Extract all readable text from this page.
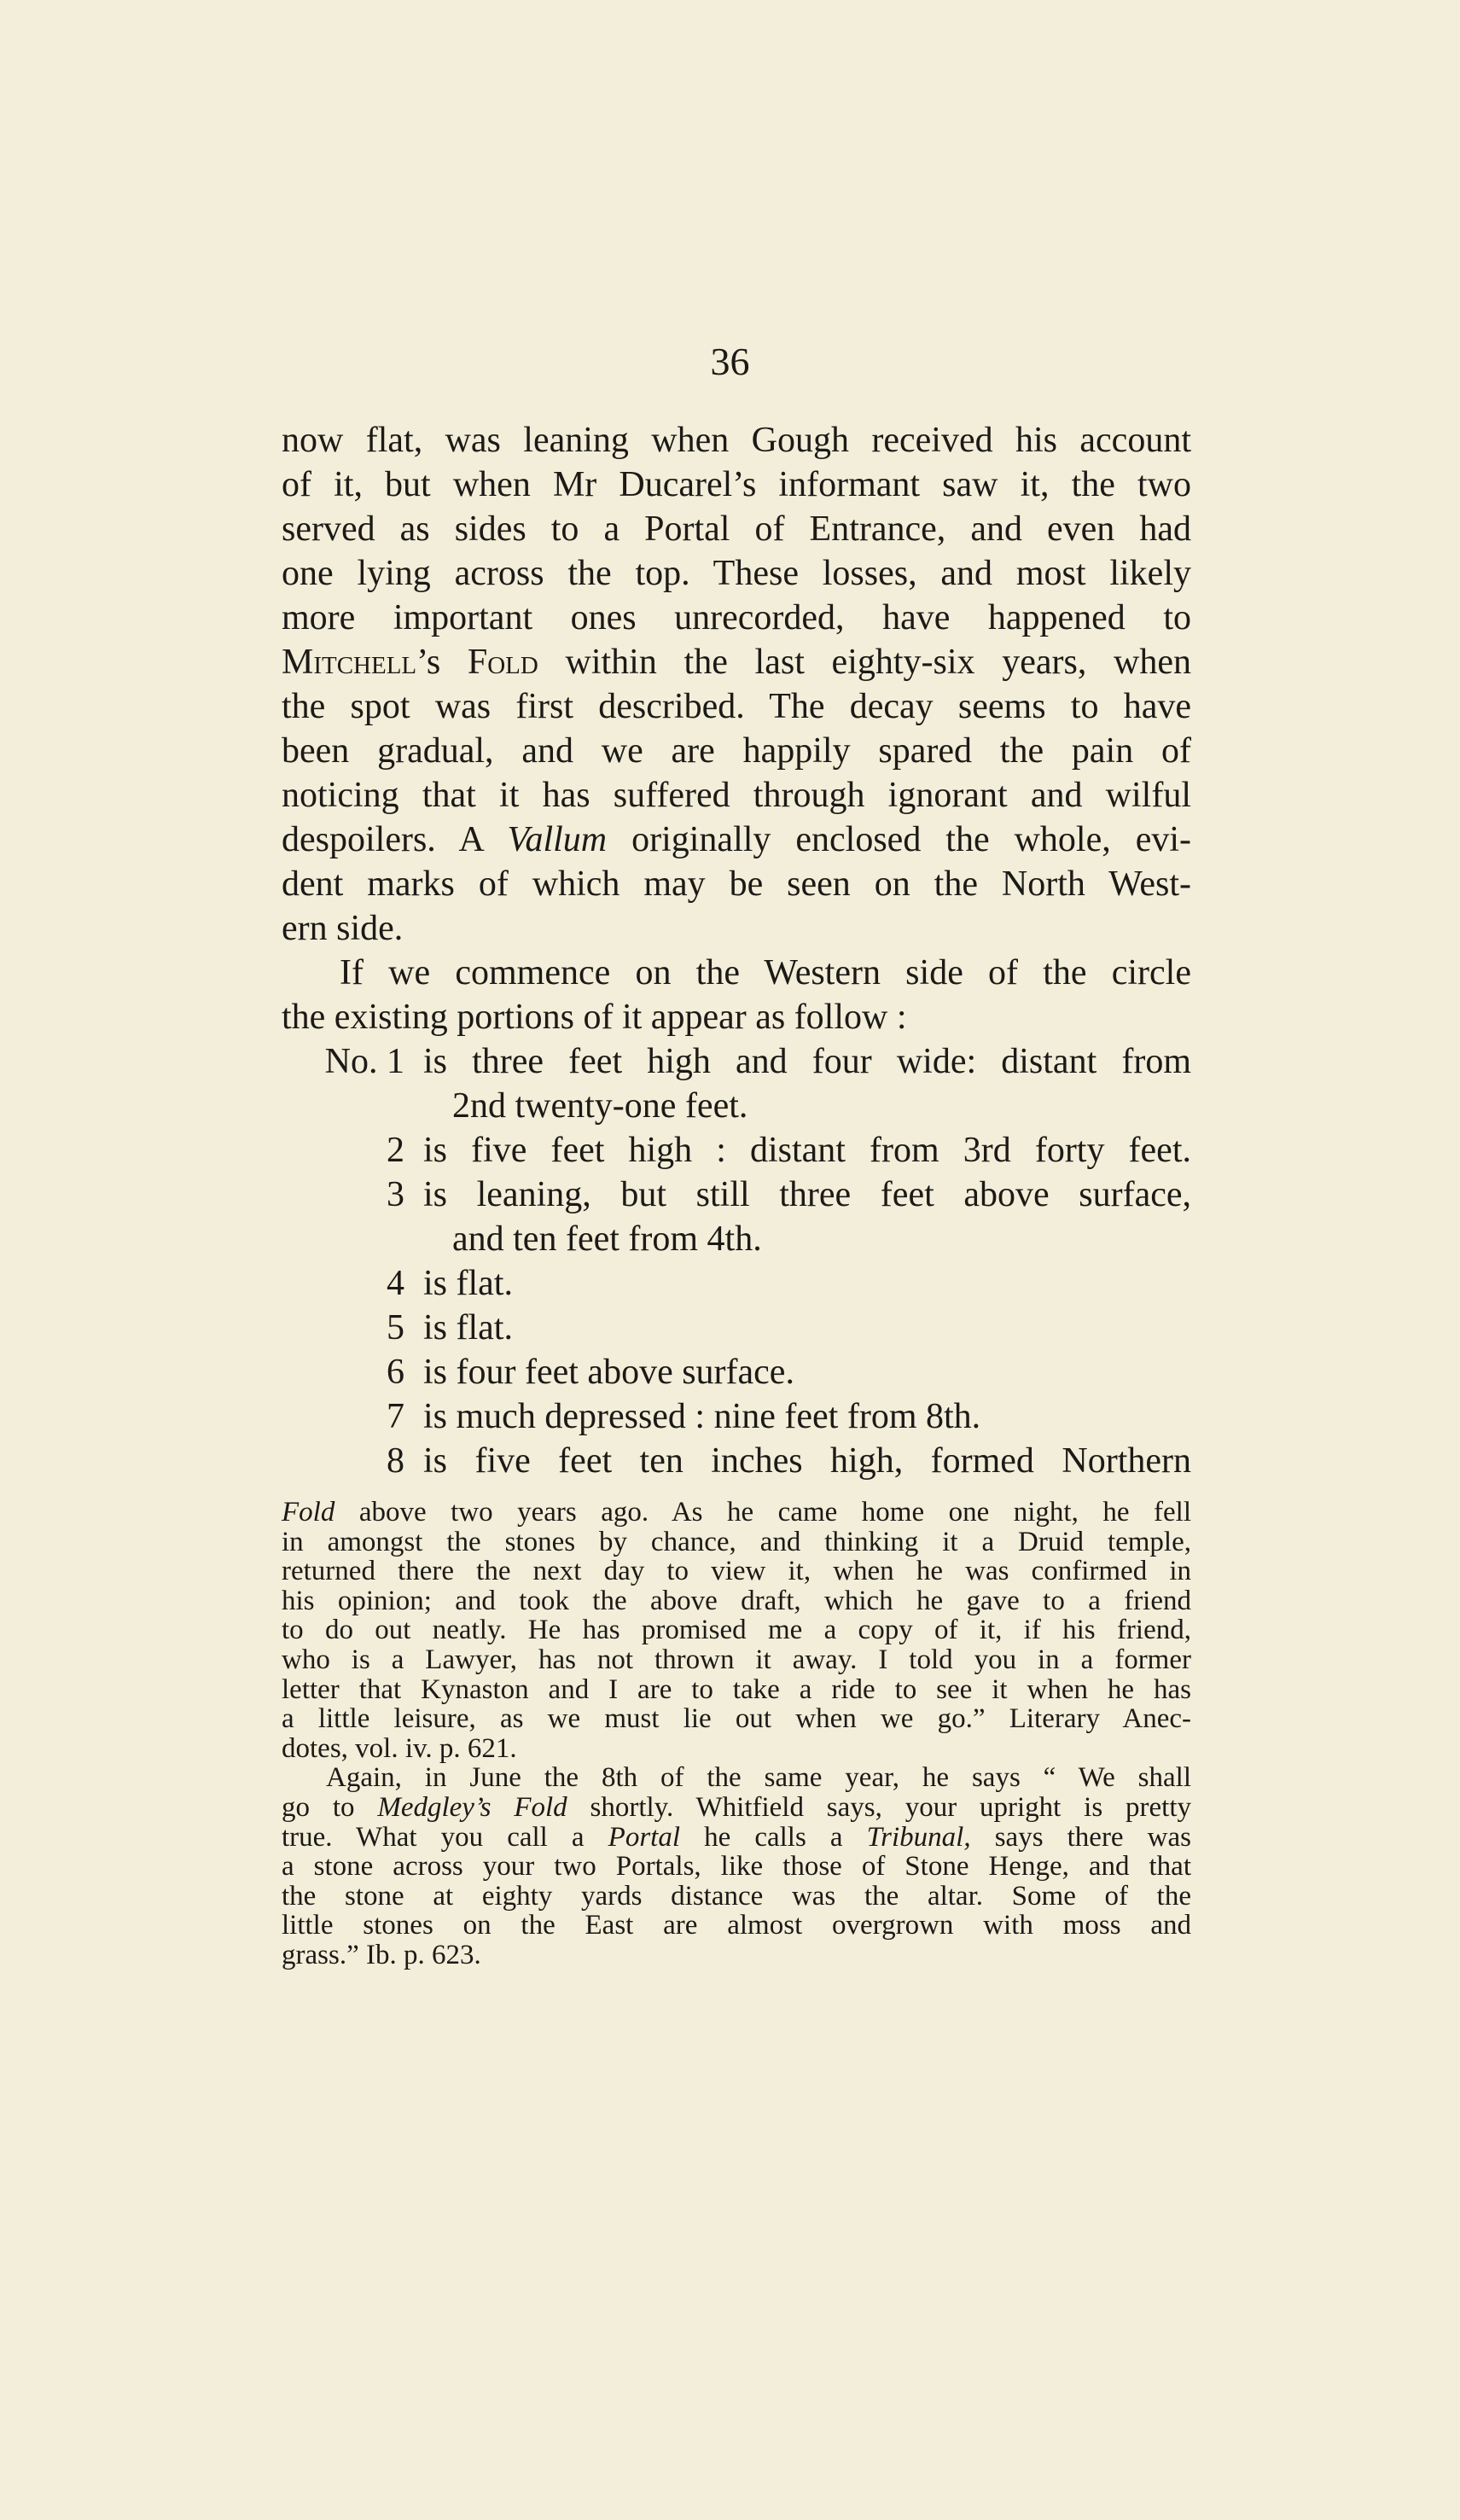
36
now flat, was leaning when Gough received his account
of it, but when Mr Ducarel’s informant saw it, the two
served as sides to a Portal of Entrance, and even had
one lying across the top. These losses, and most likely
more important ones unrecorded, have happened to
Mitchell’s Fold within the last eighty-six years, when
the spot was first described. The decay seems to have
been gradual, and we are happily spared the pain of
noticing that it has suffered through ignorant and wilful
despoilers. A Vallum originally enclosed the whole, evi-
dent marks of which may be seen on the North West-
ern side.
If we commence on the Western side of the circle
the existing portions of it appear as follow :
No. 1 is three feet high and four wide: distant from
2nd twenty-one feet.
2 is five feet high : distant from 3rd forty feet.
3 is leaning, but still three feet above surface,
and ten feet from 4th.
4 is flat.
5 is flat.
6 is four feet above surface.
7 is much depressed : nine feet from 8th.
8 is five feet ten inches high, formed Northern
Fold above two years ago. As he came home one night, he fell
in amongst the stones by chance, and thinking it a Druid temple,
returned there the next day to view it, when he was confirmed in
his opinion; and took the above draft, which he gave to a friend
to do out neatly. He has promised me a copy of it, if his friend,
who is a Lawyer, has not thrown it away. I told you in a former
letter that Kynaston and I are to take a ride to see it when he has
a little leisure, as we must lie out when we go.” Literary Anec-
dotes, vol. iv. p. 621.
Again, in June the 8th of the same year, he says “ We shall
go to Medgley’s Fold shortly. Whitfield says, your upright is pretty
true. What you call a Portal he calls a Tribunal, says there was
a stone across your two Portals, like those of Stone Henge, and that
the stone at eighty yards distance was the altar. Some of the
little stones on the East are almost overgrown with moss and
grass.” Ib. p. 623.
